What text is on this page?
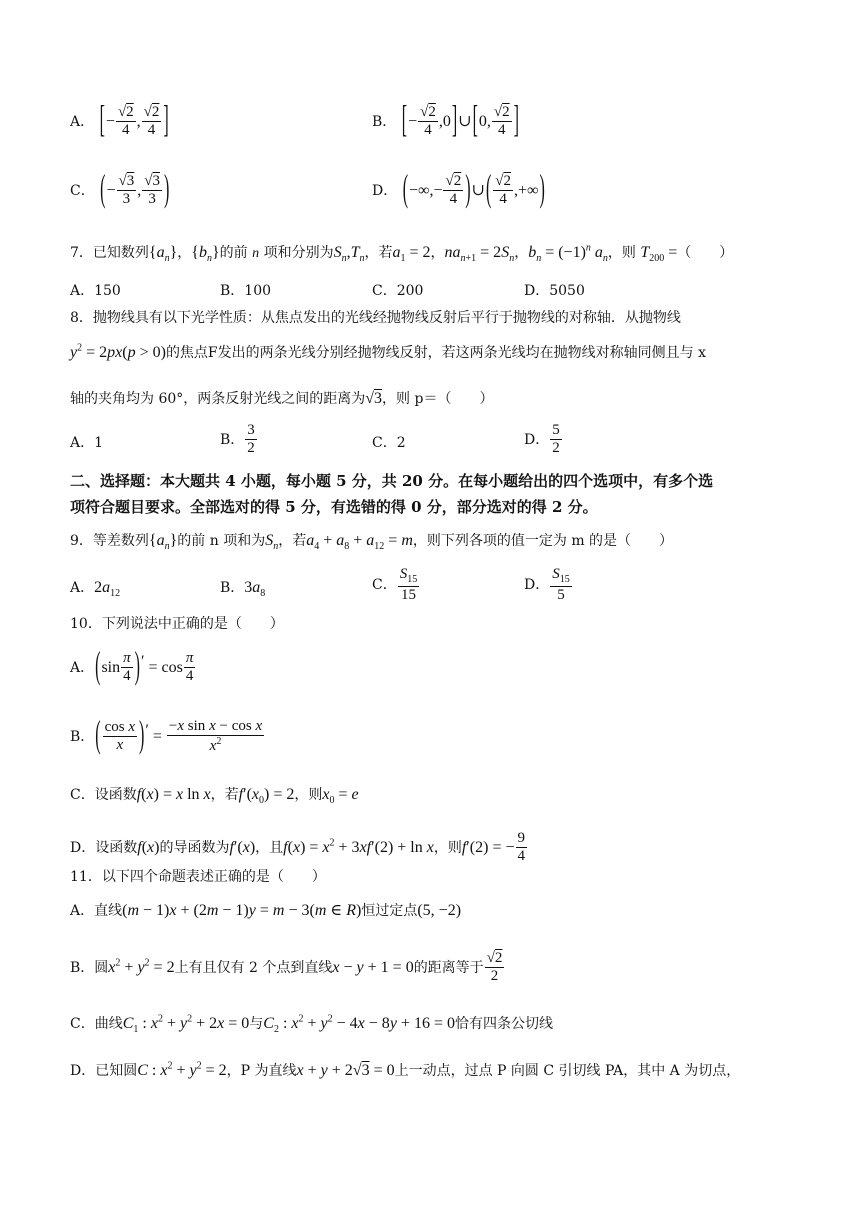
A． [− $\frac{√2}{4}$ , $\frac{√2}{4}$ ]	B． [− $\frac{√2}{4}$ ,0]∪[0, $\frac{√2}{4}$ ]
C． (− $\frac{√3}{3}$ , $\frac{√3}{3}$ )	D． (−∞,− $\frac{√2}{4}$ )∪( $\frac{√2}{4}$ ,+∞)
7．已知数列$\{a_n\}$，$\{b_n\}$的前 n 项和分别为$S_n,T_n$，若$a_1 = 2$，$na_{n+1} = 2S_n$，$b_n = (-1)^n$ $a_n$，则 $T_{200}$ =（　　）
A．150	B．100	C．200	D．5050
8．抛物线具有以下光学性质：从焦点发出的光线经抛物线反射后平行于抛物线的对称轴．从抛物线
$y^2 = 2px(p > 0)$的焦点F发出的两条光线分别经抛物线反射，若这两条光线均在抛物线对称轴同侧且与 x
轴的夹角均为 60°，两条反射光线之间的距离为√3，则 p＝（　　）
A．1	B． $\frac{3}{2}$	C．2	D． $\frac{5}{2}$
二、选择题：本大题共 4 小题，每小题 5 分，共 20 分。在每小题给出的四个选项中，有多个选
项符合题目要求。全部选对的得 5 分，有选错的得 0 分，部分选对的得 2 分。
9．等差数列$\{a_n\}$的前 n 项和为$S_n$，若$a_4 + a_8 + a_{12} = m$，则下列各项的值一定为 m 的是（　　）
A．$2a_{12}$	B．$3a_8$
C． $\frac{S_{15}}{15}$	D． $\frac{S_{15}}{5}$
10．下列说法中正确的是（　　）
A．$(\sin \frac{\pi}{4} )' = \cos \frac{\pi}{4}$
B．( $\frac{\text{cos x}}{x} )' = \frac{\text{−x sin x − cos x}}{x^2}$
C．设函数f(x) = x ln x，若$f'(x_0) = 2$，则$x_0 = e$
D．设函数f(x)的导函数为f′(x)，且$f(x) = x^2 + 3xf'(2) + \ln x$，则f′(2) = − $\frac{9}{4}$
11．以下四个命题表述正确的是（　　）
A．直线(m − 1)x + (2m − 1)y = m − 3(m ∈ R)恒过定点(5, −2)
B．圆$x^2 + y^2 = 2$上有且仅有 2 个点到直线x − y + 1 = 0的距离等于 $\frac{√2}{2}$
C．曲线$C_1$ : $x^2 + y^2 + 2x = 0$与$C_2$ : $x^2 + y^2 - 4x - 8y + 16 = 0$恰有四条公切线
D．已知圆C : $x^2 + y^2 = 2$，P 为直线x + y + 2√3 = 0上一动点，过点 P 向圆 C 引切线 PA，其中 A 为切点，
